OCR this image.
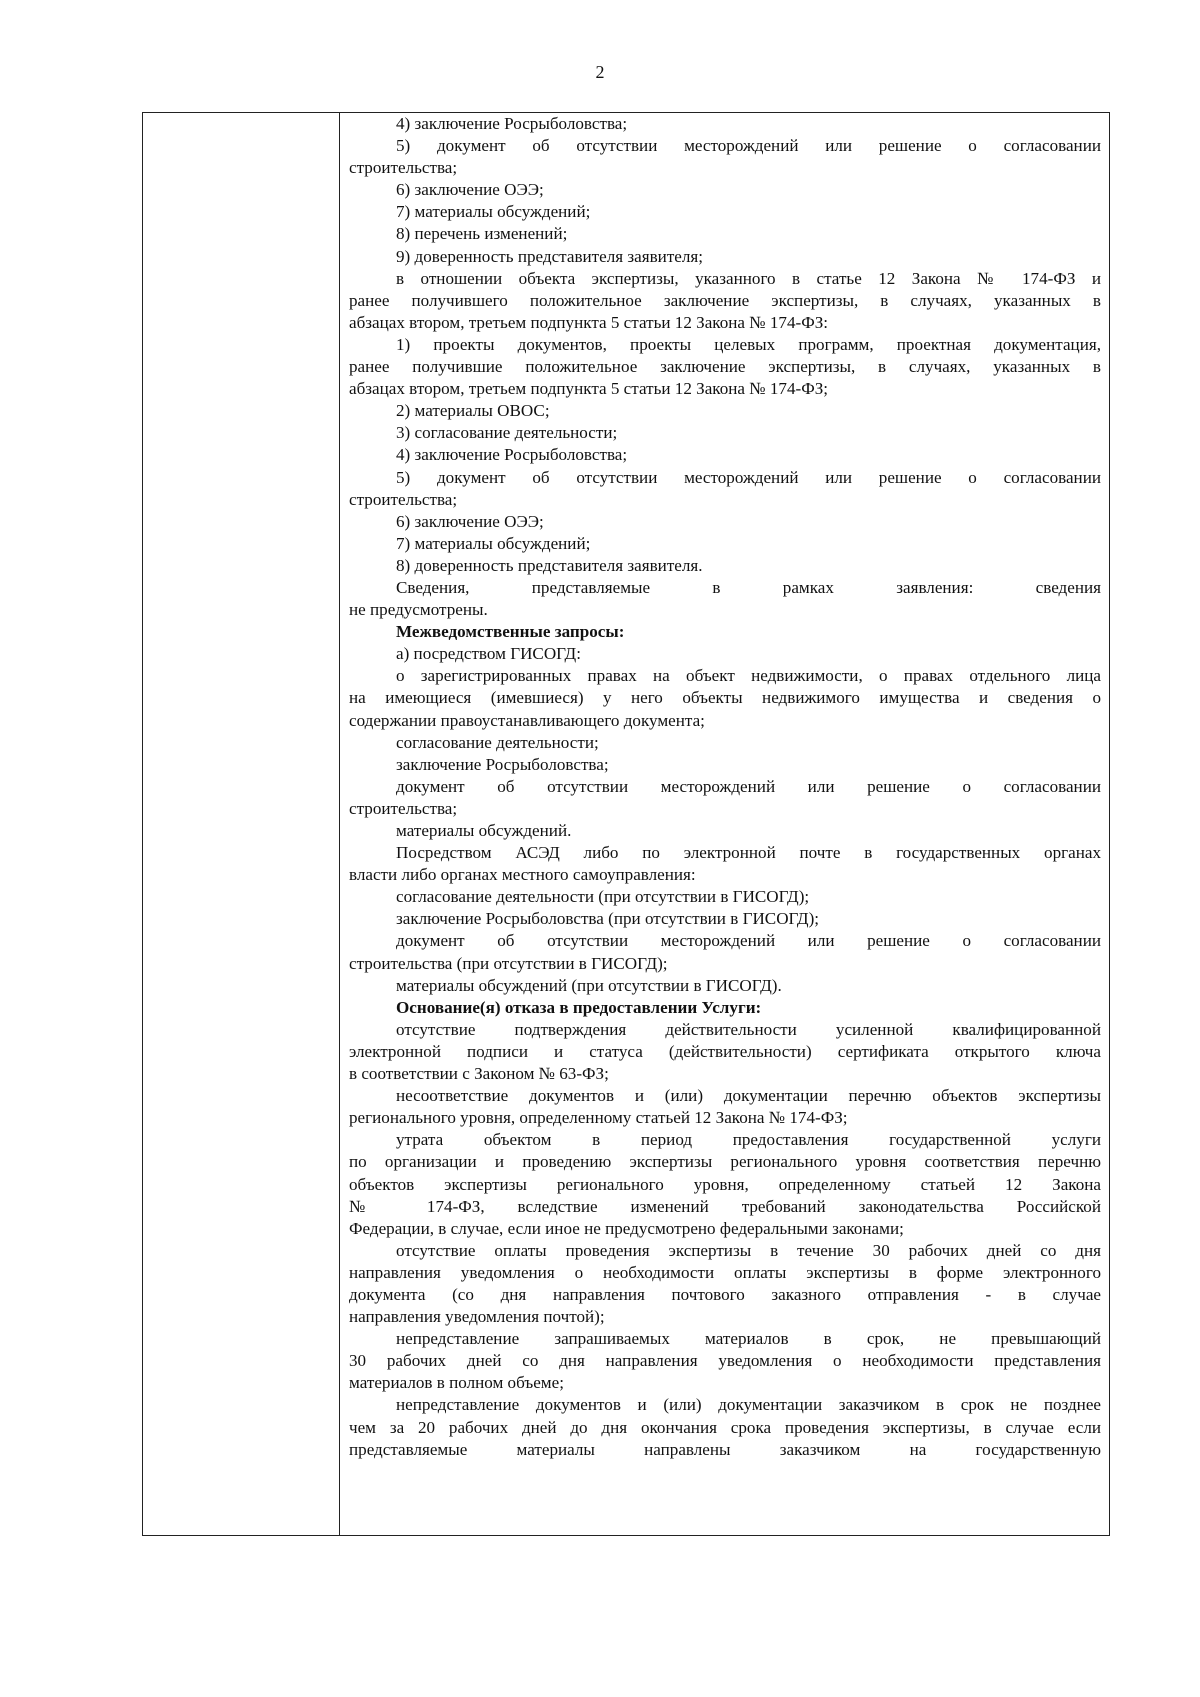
2
4) заключение Росрыболовства;
5) документ об отсутствии месторождений или решение о согласовании
строительства;
6) заключение ОЭЭ;
7) материалы обсуждений;
8) перечень изменений;
9) доверенность представителя заявителя;
в отношении объекта экспертизы, указанного в статье 12 Закона № 174-ФЗ и
ранее получившего положительное заключение экспертизы, в случаях, указанных в
абзацах втором, третьем подпункта 5 статьи 12 Закона № 174-ФЗ:
1) проекты документов, проекты целевых программ, проектная документация,
ранее получившие положительное заключение экспертизы, в случаях, указанных в
абзацах втором, третьем подпункта 5 статьи 12 Закона № 174-ФЗ;
2) материалы ОВОС;
3) согласование деятельности;
4) заключение Росрыболовства;
5) документ об отсутствии месторождений или решение о согласовании
строительства;
6) заключение ОЭЭ;
7) материалы обсуждений;
8) доверенность представителя заявителя.
Сведения, представляемые в рамках заявления: сведения
не предусмотрены.
Межведомственные запросы:
а) посредством ГИСОГД:
о зарегистрированных правах на объект недвижимости, о правах отдельного лица
на имеющиеся (имевшиеся) у него объекты недвижимого имущества и сведения о
содержании правоустанавливающего документа;
согласование деятельности;
заключение Росрыболовства;
документ об отсутствии месторождений или решение о согласовании
строительства;
материалы обсуждений.
Посредством АСЭД либо по электронной почте в государственных органах
власти либо органах местного самоуправления:
согласование деятельности (при отсутствии в ГИСОГД);
заключение Росрыболовства (при отсутствии в ГИСОГД);
документ об отсутствии месторождений или решение о согласовании
строительства (при отсутствии в ГИСОГД);
материалы обсуждений (при отсутствии в ГИСОГД).
Основание(я) отказа в предоставлении Услуги:
отсутствие подтверждения действительности усиленной квалифицированной
электронной подписи и статуса (действительности) сертификата открытого ключа
в соответствии с Законом № 63-ФЗ;
несоответствие документов и (или) документации перечню объектов экспертизы
регионального уровня, определенному статьей 12 Закона № 174-ФЗ;
утрата объектом в период предоставления государственной услуги
по организации и проведению экспертизы регионального уровня соответствия перечню
объектов экспертизы регионального уровня, определенному статьей 12 Закона
№ 174-ФЗ, вследствие изменений требований законодательства Российской
Федерации, в случае, если иное не предусмотрено федеральными законами;
отсутствие оплаты проведения экспертизы в течение 30 рабочих дней со дня
направления уведомления о необходимости оплаты экспертизы в форме электронного
документа (со дня направления почтового заказного отправления - в случае
направления уведомления почтой);
непредставление запрашиваемых материалов в срок, не превышающий
30 рабочих дней со дня направления уведомления о необходимости представления
материалов в полном объеме;
непредставление документов и (или) документации заказчиком в срок не позднее
чем за 20 рабочих дней до дня окончания срока проведения экспертизы, в случае если
представляемые материалы направлены заказчиком на государственную
